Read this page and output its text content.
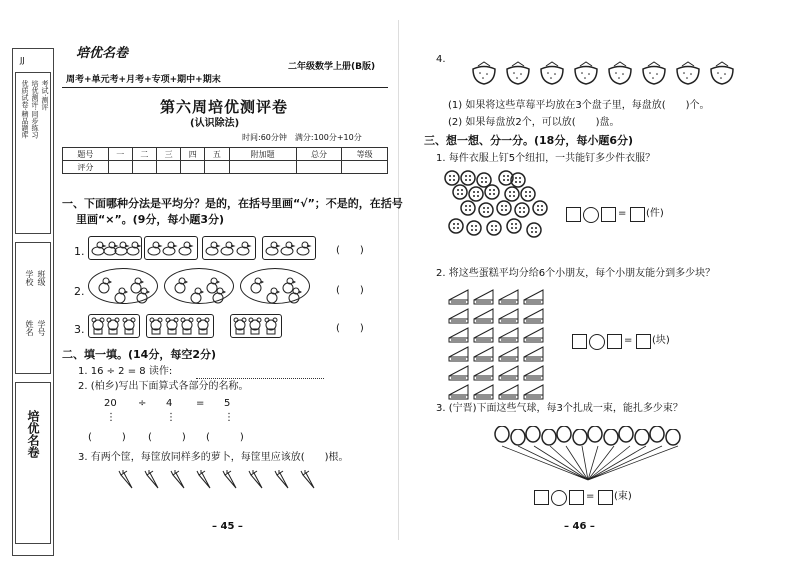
JJ
优质试卷·精品题库 培优测评·同步练习 考试·测评
学校 班级
姓名 学号
培优名卷
培优名卷
二年级数学上册(B版)
周考+单元考+月考+专项+期中+期末
第六周培优测评卷
(认识除法)
时间:60分钟　满分:100分+10分
题号	一	二	三	四	五	附加题	总分	等级
评分								
一、下面哪种分法是平均分？是的，在括号里画“√”；不是的，在括号
里画“×”。(9分，每小题3分)
1.	(　　)
2.	(　　)
3.	(　　)
二、填一填。(14分，每空2分)
1. 16 ÷ 2 = 8 读作:
2. (柏乡)写出下面算式各部分的名称。
20 ÷ 4 = 5
⋮	⋮	⋮
(　　　) (　　　) (　　　)
3. 有两个筐，每筐放同样多的萝卜，每筐里应该放(　　)根。
– 45 –
4.
(1) 如果将这些草莓平均放在3个盘子里，每盘放(　　)个。
(2) 如果每盘放2个，可以放(　　)盘。
三、想一想、分一分。(18分，每小题6分)
1. 每件衣服上钉5个纽扣，一共能钉多少件衣服？
= (件)
2. 将这些蛋糕平均分给6个小朋友，每个小朋友能分到多少块？
= (块)
3. (宁晋)下面这些气球，每3个扎成一束，能扎多少束？
= (束)
– 46 –
